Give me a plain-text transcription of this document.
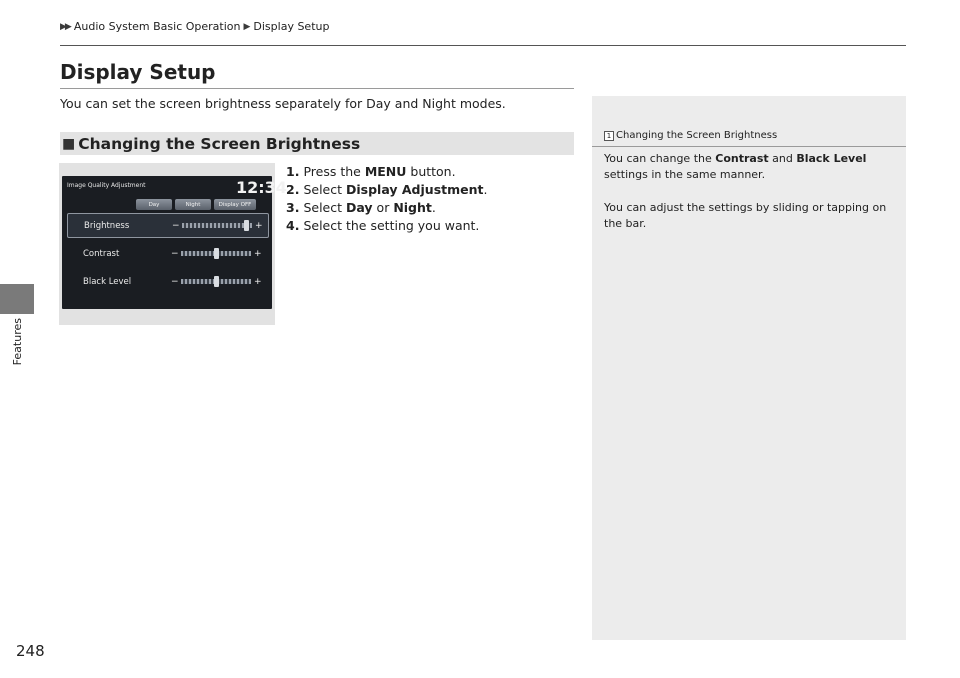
▶▶ Audio System Basic Operation ▶ Display Setup
Features
Display Setup
You can set the screen brightness separately for Day and Night modes.
■ Changing the Screen Brightness
Image Quality Adjustment	12:34
Day	Night	Display OFF
Brightness	−	+
Contrast	−	+
Black Level	−	+
1. Press the MENU button.
2. Select Display Adjustment.
3. Select Day or Night.
4. Select the setting you want.
1 Changing the Screen Brightness
You can change the Contrast and Black Level settings in the same manner.
You can adjust the settings by sliding or tapping on the bar.
248
